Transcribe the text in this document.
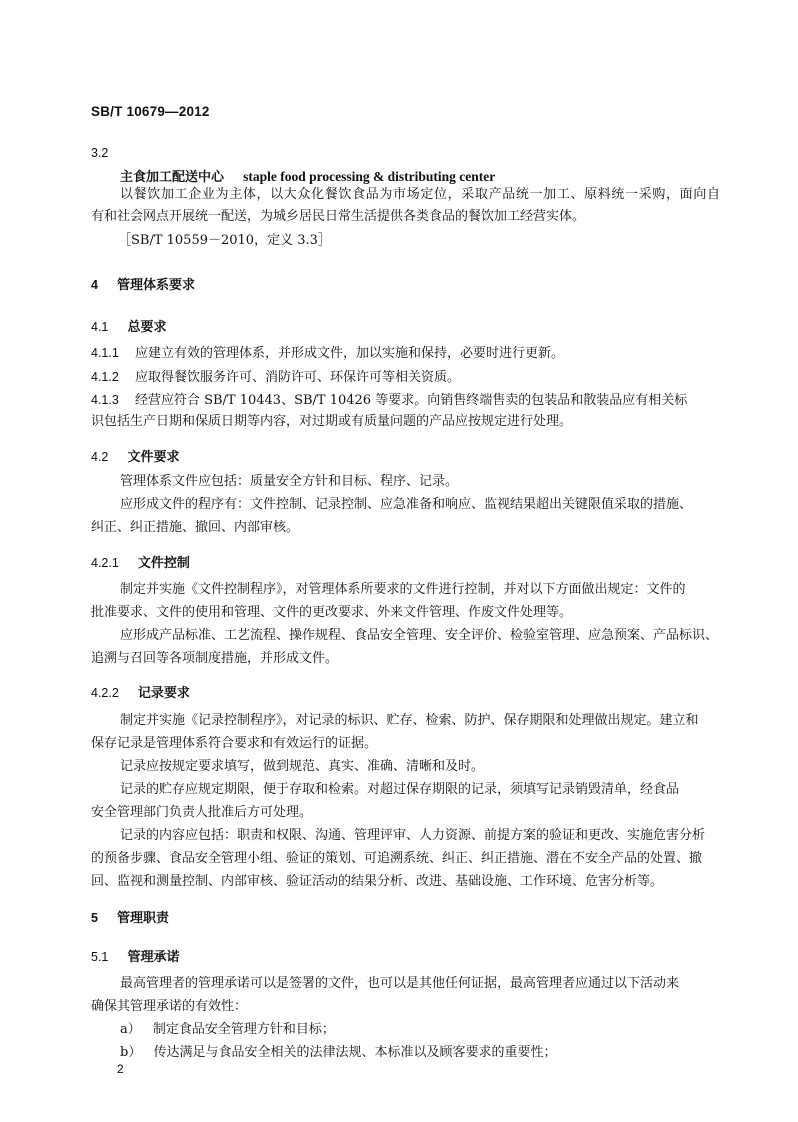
SB/T 10679—2012
3.2
主食加工配送中心 staple food processing & distributing center
以餐饮加工企业为主体，以大众化餐饮食品为市场定位，采取产品统一加工、原料统一采购，面向自
有和社会网点开展统一配送，为城乡居民日常生活提供各类食品的餐饮加工经营实体。
［SB/T 10559－2010，定义 3.3］
4 管理体系要求
4.1 总要求
4.1.1 应建立有效的管理体系，并形成文件，加以实施和保持，必要时进行更新。
4.1.2 应取得餐饮服务许可、消防许可、环保许可等相关资质。
4.1.3 经营应符合 SB/T 10443、SB/T 10426 等要求。向销售终端售卖的包装品和散装品应有相关标
识包括生产日期和保质日期等内容，对过期或有质量问题的产品应按规定进行处理。
4.2 文件要求
管理体系文件应包括：质量安全方针和目标、程序、记录。
应形成文件的程序有：文件控制、记录控制、应急准备和响应、监视结果超出关键限值采取的措施、
纠正、纠正措施、撤回、内部审核。
4.2.1 文件控制
制定并实施《文件控制程序》，对管理体系所要求的文件进行控制，并对以下方面做出规定：文件的
批准要求、文件的使用和管理、文件的更改要求、外来文件管理、作废文件处理等。
应形成产品标准、工艺流程、操作规程、食品安全管理、安全评价、检验室管理、应急预案、产品标识、
追溯与召回等各项制度措施，并形成文件。
4.2.2 记录要求
制定并实施《记录控制程序》，对记录的标识、贮存、检索、防护、保存期限和处理做出规定。建立和
保存记录是管理体系符合要求和有效运行的证据。
记录应按规定要求填写，做到规范、真实、准确、清晰和及时。
记录的贮存应规定期限，便于存取和检索。对超过保存期限的记录，须填写记录销毁清单，经食品
安全管理部门负责人批准后方可处理。
记录的内容应包括：职责和权限、沟通、管理评审、人力资源、前提方案的验证和更改、实施危害分析
的预备步骤、食品安全管理小组、验证的策划、可追溯系统、纠正、纠正措施、潜在不安全产品的处置、撤
回、监视和测量控制、内部审核、验证活动的结果分析、改进、基础设施、工作环境、危害分析等。
5 管理职责
5.1 管理承诺
最高管理者的管理承诺可以是签署的文件，也可以是其他任何证据，最高管理者应通过以下活动来
确保其管理承诺的有效性：
a） 制定食品安全管理方针和目标；
b） 传达满足与食品安全相关的法律法规、本标准以及顾客要求的重要性；
2
